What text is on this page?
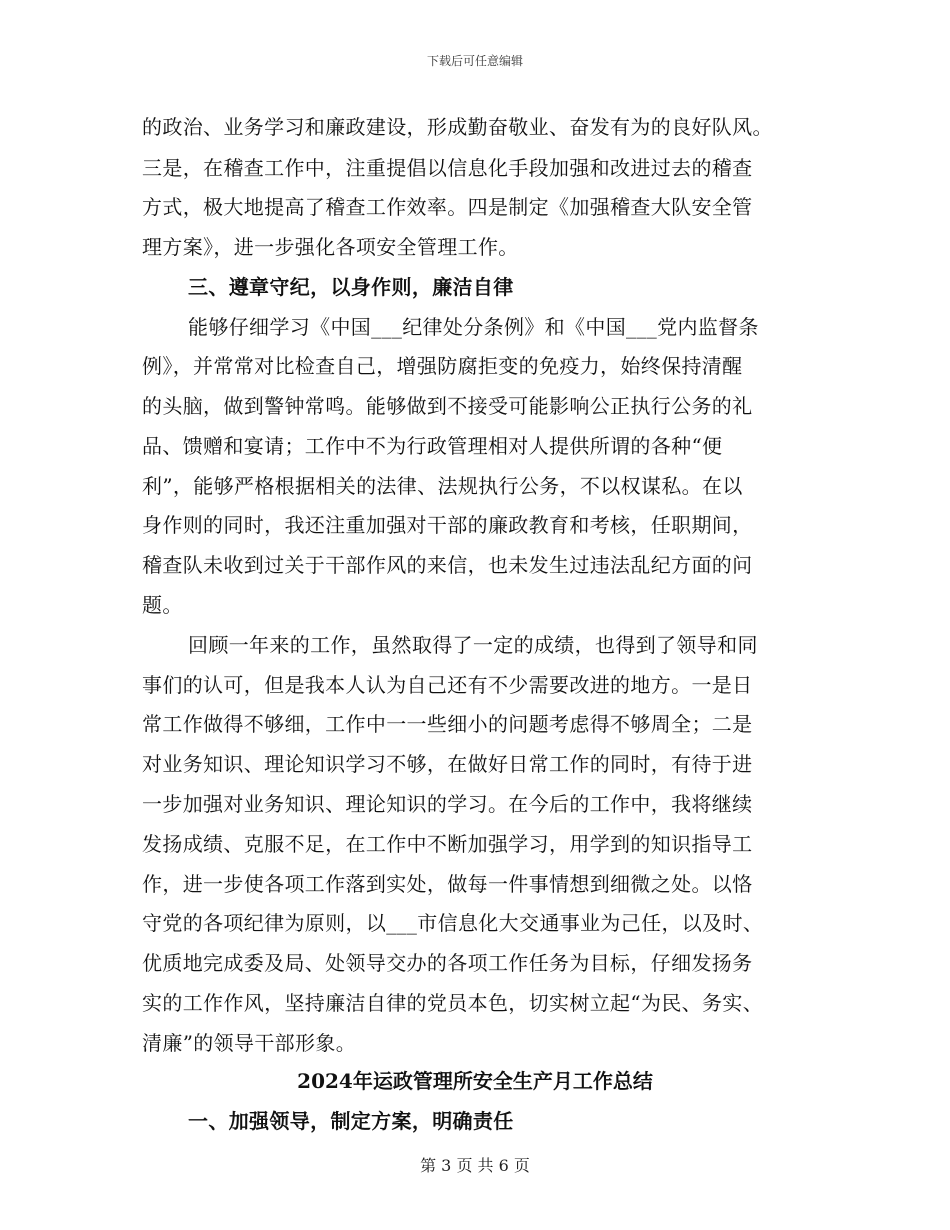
下载后可任意编辑
的政治、业务学习和廉政建设，形成勤奋敬业、奋发有为的良好队风。
三是，在稽查工作中，注重提倡以信息化手段加强和改进过去的稽查
方式，极大地提高了稽查工作效率。四是制定《加强稽查大队安全管
理方案》，进一步强化各项安全管理工作。
三、遵章守纪，以身作则，廉洁自律
能够仔细学习《中国___纪律处分条例》和《中国___党内监督条
例》，并常常对比检查自己，增强防腐拒变的免疫力，始终保持清醒
的头脑，做到警钟常鸣。能够做到不接受可能影响公正执行公务的礼
品、馈赠和宴请；工作中不为行政管理相对人提供所谓的各种“便
利”，能够严格根据相关的法律、法规执行公务，不以权谋私。在以
身作则的同时，我还注重加强对干部的廉政教育和考核，任职期间，
稽查队未收到过关于干部作风的来信，也未发生过违法乱纪方面的问
题。
回顾一年来的工作，虽然取得了一定的成绩，也得到了领导和同
事们的认可，但是我本人认为自己还有不少需要改进的地方。一是日
常工作做得不够细，工作中一一些细小的问题考虑得不够周全；二是
对业务知识、理论知识学习不够，在做好日常工作的同时，有待于进
一步加强对业务知识、理论知识的学习。在今后的工作中，我将继续
发扬成绩、克服不足，在工作中不断加强学习，用学到的知识指导工
作，进一步使各项工作落到实处，做每一件事情想到细微之处。以恪
守党的各项纪律为原则，以___市信息化大交通事业为己任，以及时、
优质地完成委及局、处领导交办的各项工作任务为目标，仔细发扬务
实的工作作风，坚持廉洁自律的党员本色，切实树立起“为民、务实、
清廉”的领导干部形象。
2024年运政管理所安全生产月工作总结
一、加强领导，制定方案，明确责任
第 3 页 共 6 页
